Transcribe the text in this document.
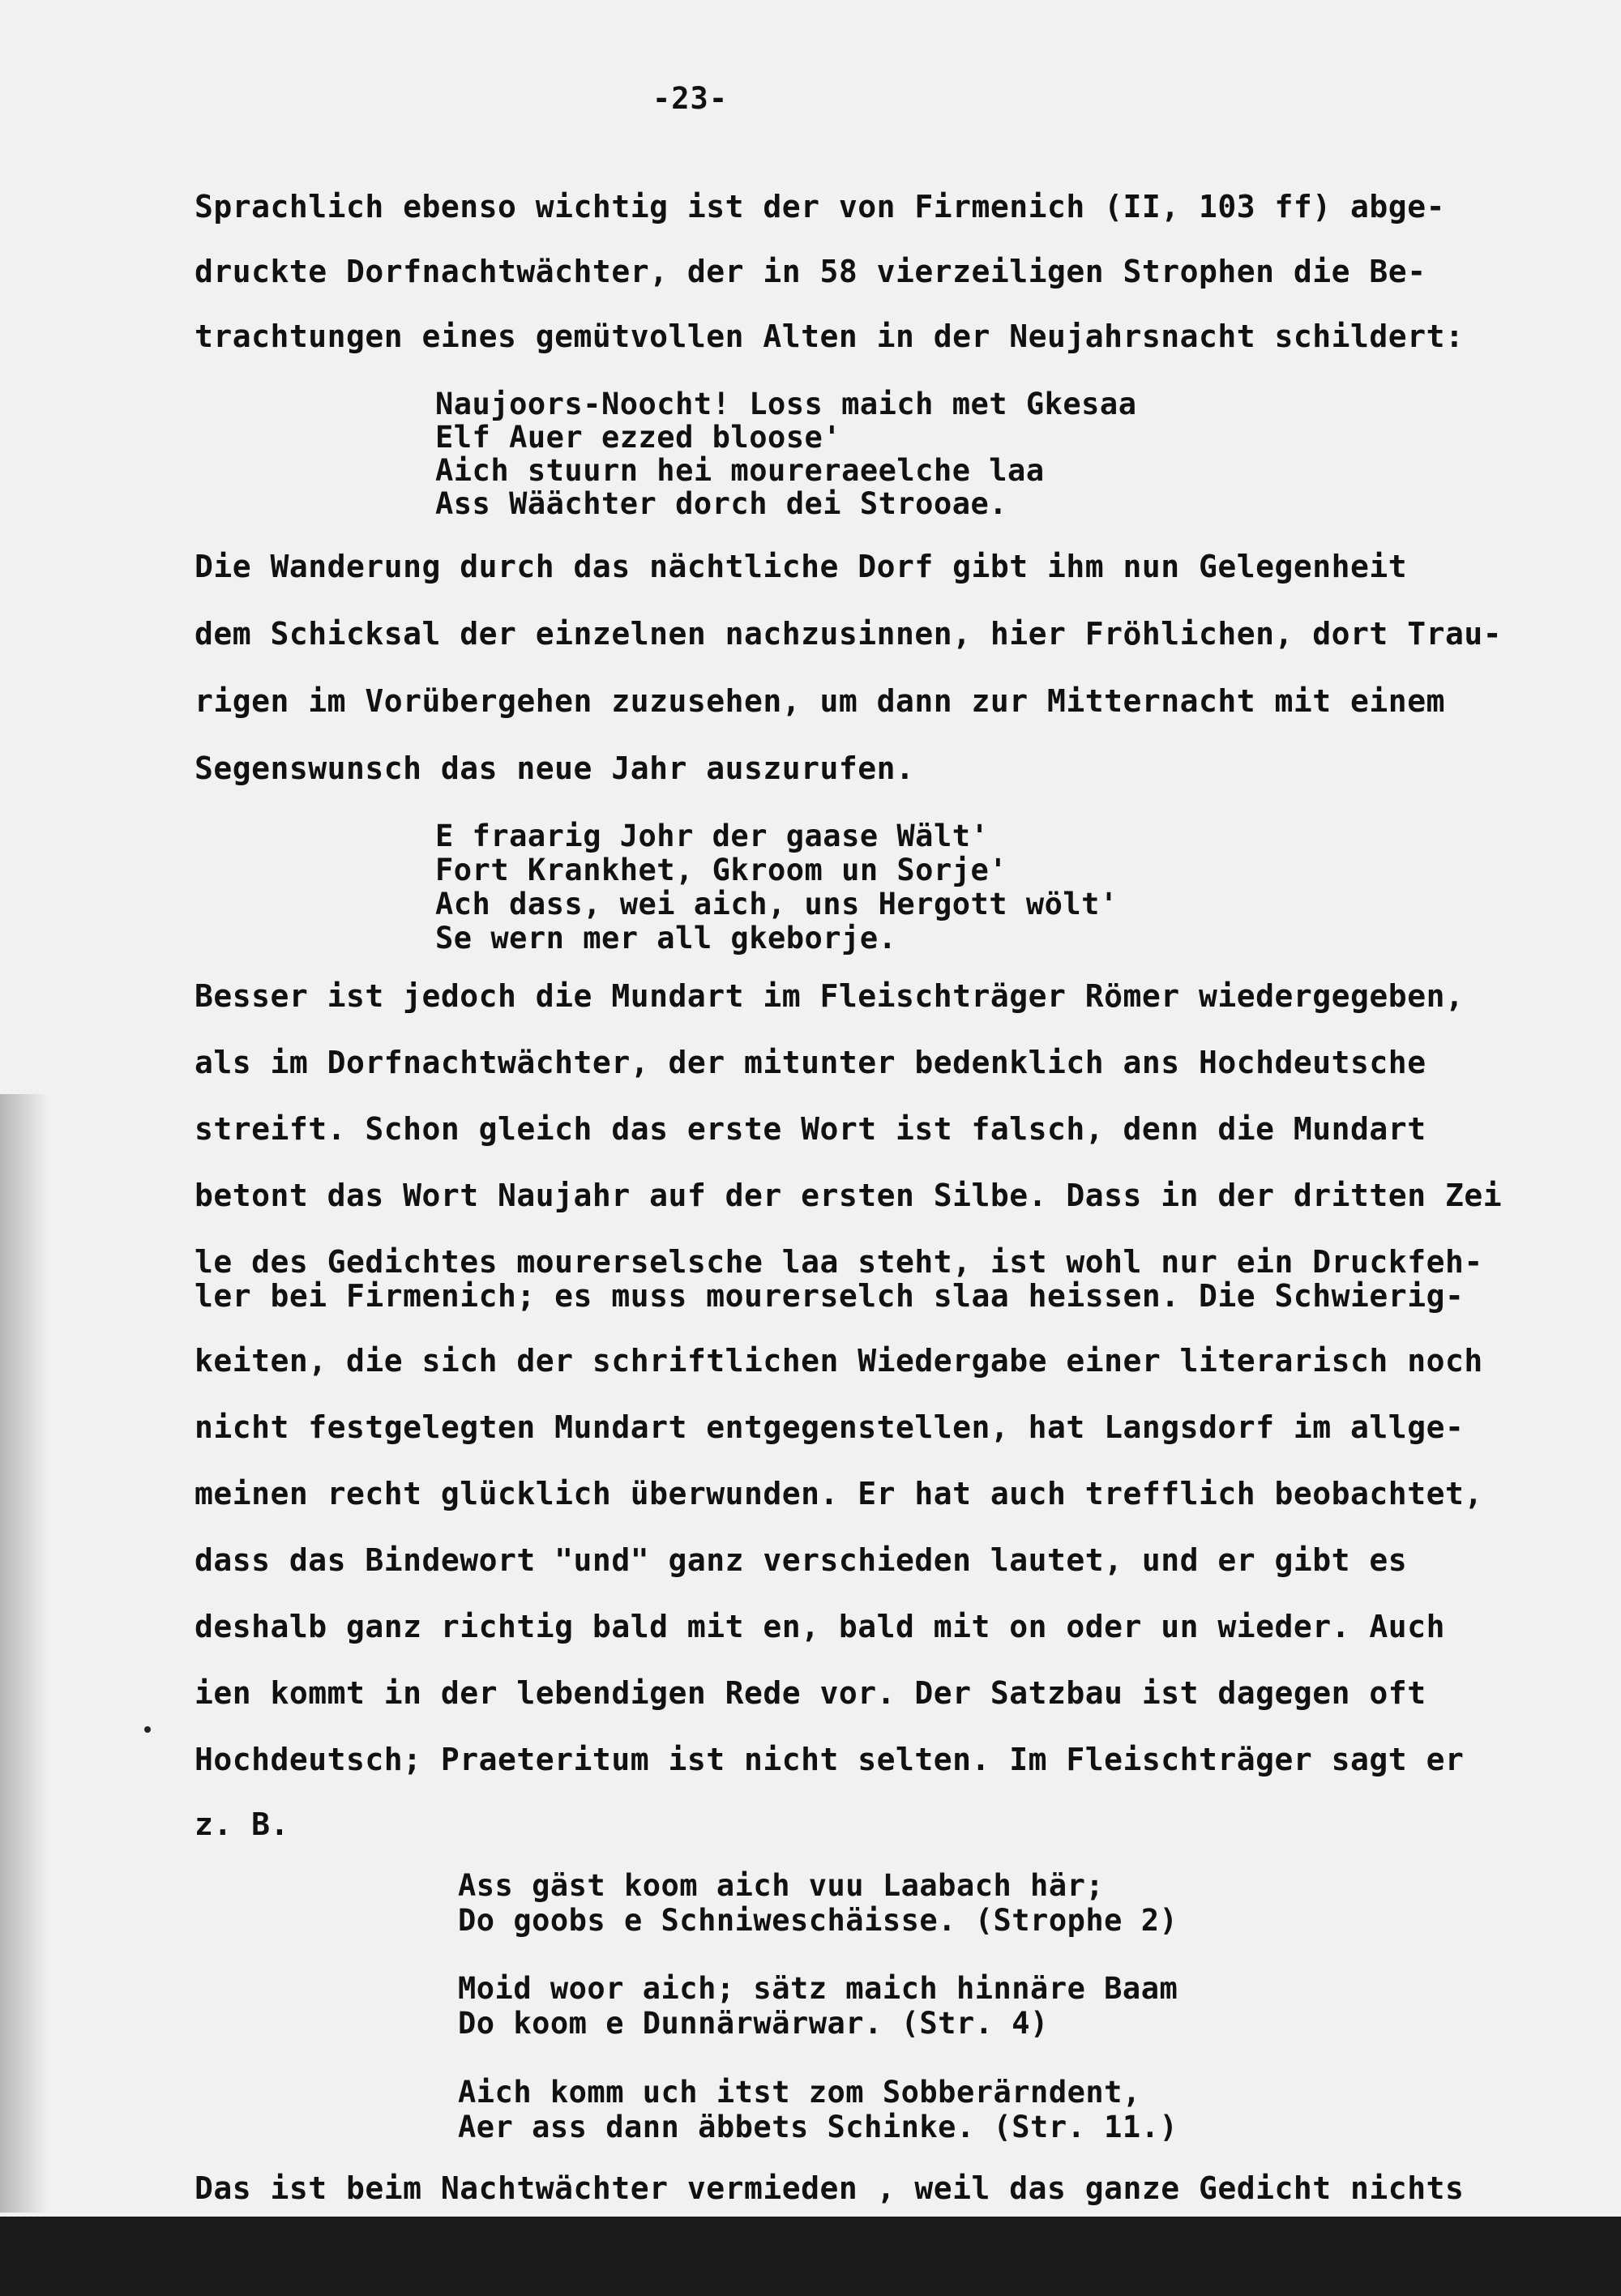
-23-
Sprachlich ebenso wichtig ist der von Firmenich (II, 103 ff) abge-
druckte Dorfnachtwächter, der in 58 vierzeiligen Strophen die Be-
trachtungen eines gemütvollen Alten in der Neujahrsnacht schildert:
Naujoors-Noocht! Loss maich met Gkesaa
Elf Auer ezzed bloose'
Aich stuurn hei moureraeelche laa
Ass Wäächter dorch dei Strooae.
Die Wanderung durch das nächtliche Dorf gibt ihm nun Gelegenheit
dem Schicksal der einzelnen nachzusinnen, hier Fröhlichen, dort Trau-
rigen im Vorübergehen zuzusehen, um dann zur Mitternacht mit einem
Segenswunsch das neue Jahr auszurufen.
E fraarig Johr der gaase Wält'
Fort Krankhet, Gkroom un Sorje'
Ach dass, wei aich, uns Hergott wölt'
Se wern mer all gkeborje.
Besser ist jedoch die Mundart im Fleischträger Römer wiedergegeben,
als im Dorfnachtwächter, der mitunter bedenklich ans Hochdeutsche
streift. Schon gleich das erste Wort ist falsch, denn die Mundart
betont das Wort Naujahr auf der ersten Silbe. Dass in der dritten Zei
le des Gedichtes mourerselsche laa steht, ist wohl nur ein Druckfeh-
ler bei Firmenich; es muss mourerselch slaa heissen. Die Schwierig-
keiten, die sich der schriftlichen Wiedergabe einer literarisch noch
nicht festgelegten Mundart entgegenstellen, hat Langsdorf im allge-
meinen recht glücklich überwunden. Er hat auch trefflich beobachtet,
dass das Bindewort "und" ganz verschieden lautet, und er gibt es
deshalb ganz richtig bald mit en, bald mit on oder un wieder. Auch
ien kommt in der lebendigen Rede vor. Der Satzbau ist dagegen oft
Hochdeutsch; Praeteritum ist nicht selten. Im Fleischträger sagt er
z. B.
Ass gäst koom aich vuu Laabach här;
Do goobs e Schniweschäisse. (Strophe 2)
Moid woor aich; sätz maich hinnäre Baam
Do koom e Dunnärwärwar. (Str. 4)
Aich komm uch itst zom Sobberärndent,
Aer ass dann äbbets Schinke. (Str. 11.)
Das ist beim Nachtwächter vermieden , weil das ganze Gedicht nichts
